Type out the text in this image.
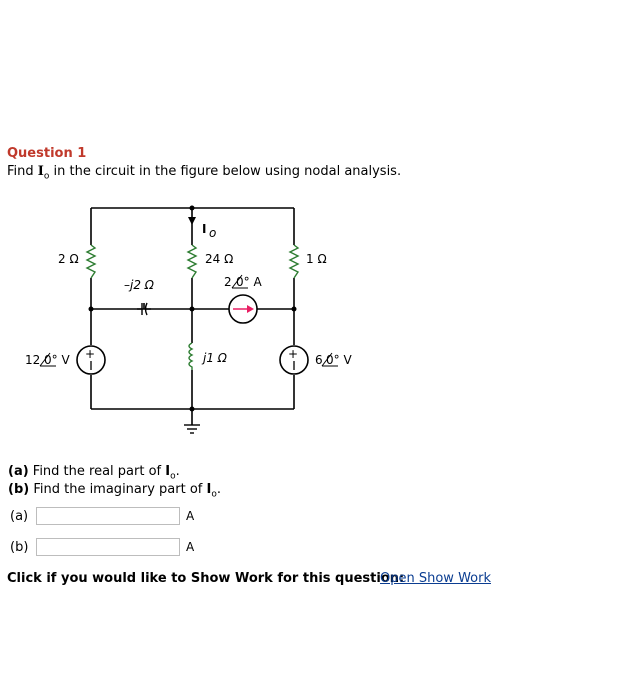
Question 1
Find $I_o$ in the circuit in the figure below using nodal analysis.
+	+
2 Ω	24 Ω	1 Ω
–j2 Ω
j1 Ω
I o
2 0° A
12 0° V	6 0° V
(a) Find the real part of $I_o$.
(b) Find the imaginary part of $I_o$.
(a)	A
(b)	A
Click if you would like to Show Work for this question:
Open Show Work
